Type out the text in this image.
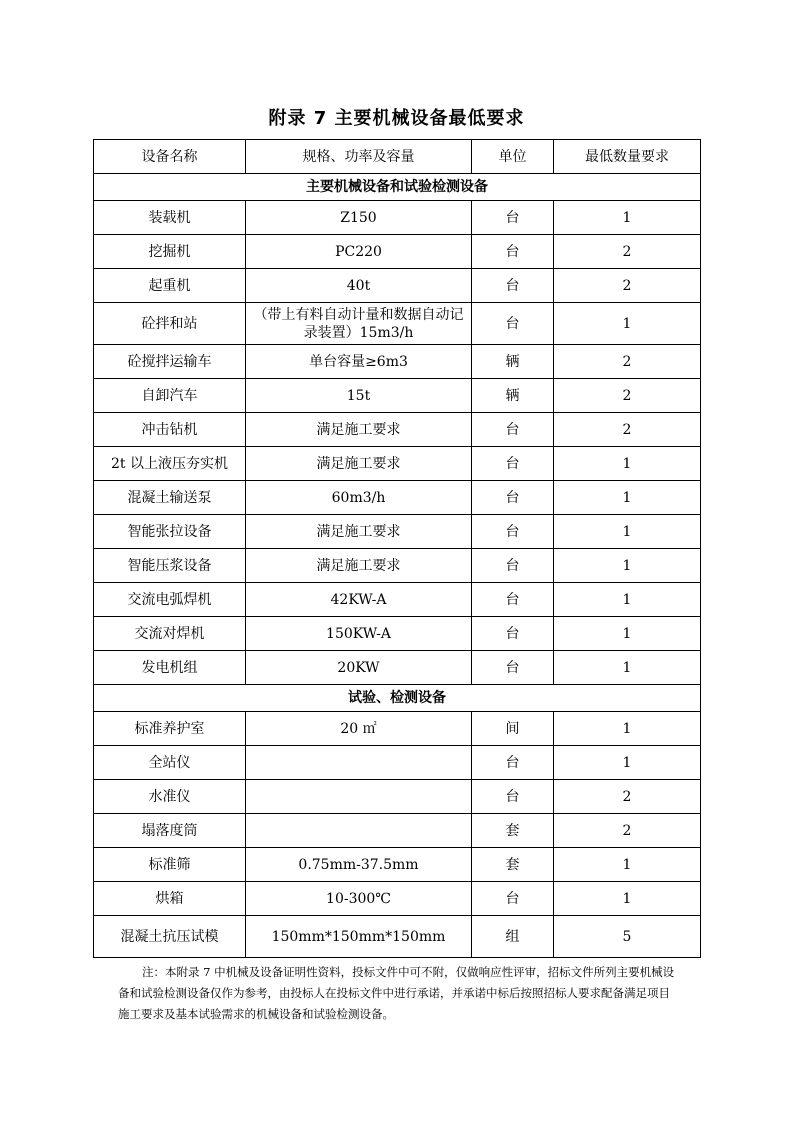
附录 7 主要机械设备最低要求
设备名称	规格、功率及容量	单位	最低数量要求
主要机械设备和试验检测设备			
装载机	Z150	台	1
挖掘机	PC220	台	2
起重机	40t	台	2
砼拌和站	（带上有料自动计量和数据自动记录装置）15m3/h	台	1
砼搅拌运输车	单台容量≥6m3	辆	2
自卸汽车	15t	辆	2
冲击钻机	满足施工要求	台	2
2t 以上液压夯实机	满足施工要求	台	1
混凝土输送泵	60m3/h	台	1
智能张拉设备	满足施工要求	台	1
智能压浆设备	满足施工要求	台	1
交流电弧焊机	42KW-A	台	1
交流对焊机	150KW-A	台	1
发电机组	20KW	台	1
试验、检测设备			
标准养护室	20 ㎡	间	1
全站仪		台	1
水准仪		台	2
塌落度筒		套	2
标准筛	0.75mm-37.5mm	套	1
烘箱	10-300℃	台	1
混凝土抗压试模	150mm*150mm*150mm	组	5
注：本附录 7 中机械及设备证明性资料，投标文件中可不附，仅做响应性评审，招标文件所列主要机械设备和试验检测设备仅作为参考，由投标人在投标文件中进行承诺，并承诺中标后按照招标人要求配备满足项目施工要求及基本试验需求的机械设备和试验检测设备。
